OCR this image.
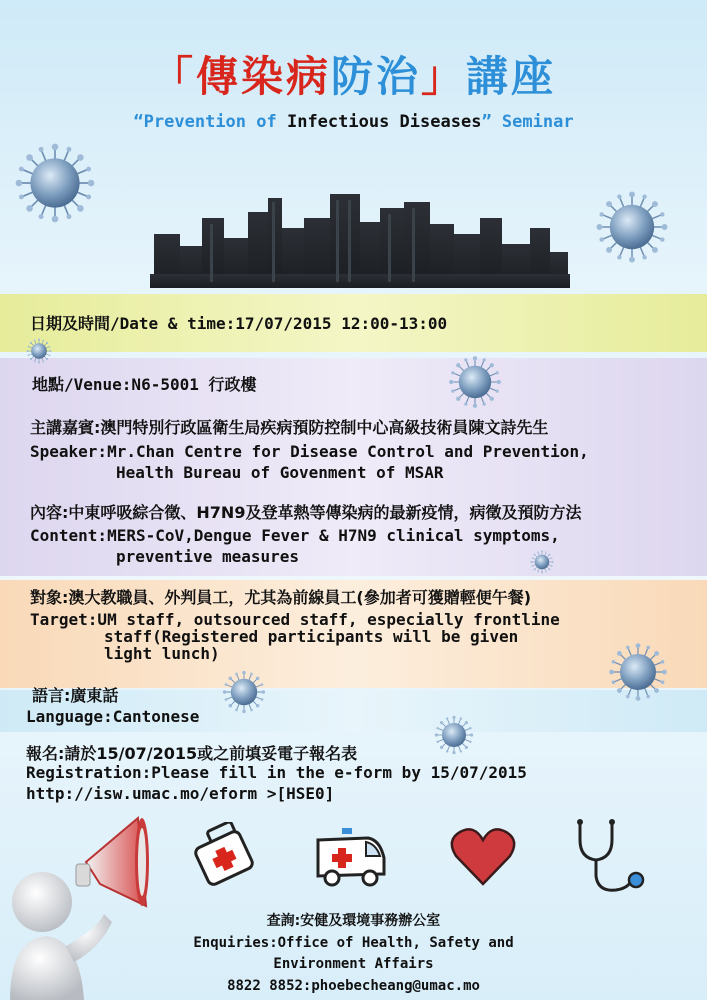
「傳染病防治」講座
“Prevention of Infectious Diseases” Seminar
日期及時間/Date & time:17/07/2015 12:00-13:00
地點/Venue:N6-5001 行政樓
主講嘉賓:澳門特別行政區衛生局疾病預防控制中心高級技術員陳文詩先生
Speaker:Mr.Chan Centre for Disease Control and Prevention,
Health Bureau of Govenment of MSAR
內容:中東呼吸綜合徵、H7N9及登革熱等傳染病的最新疫情，病徵及預防方法
Content:MERS-CoV,Dengue Fever & H7N9 clinical symptoms,
preventive measures
對象:澳大教職員、外判員工，尤其為前線員工(參加者可獲贈輕便午餐)
Target:UM staff, outsourced staff, especially frontline
staff(Registered participants will be given
light lunch)
語言:廣東話
Language:Cantonese
報名:請於15/07/2015或之前填妥電子報名表
Registration:Please fill in the e-form by 15/07/2015
http://isw.umac.mo/eform >[HSE0]
查詢:安健及環境事務辦公室
Enquiries:Office of Health, Safety and
Environment Affairs
8822 8852:phoebecheang@umac.mo
